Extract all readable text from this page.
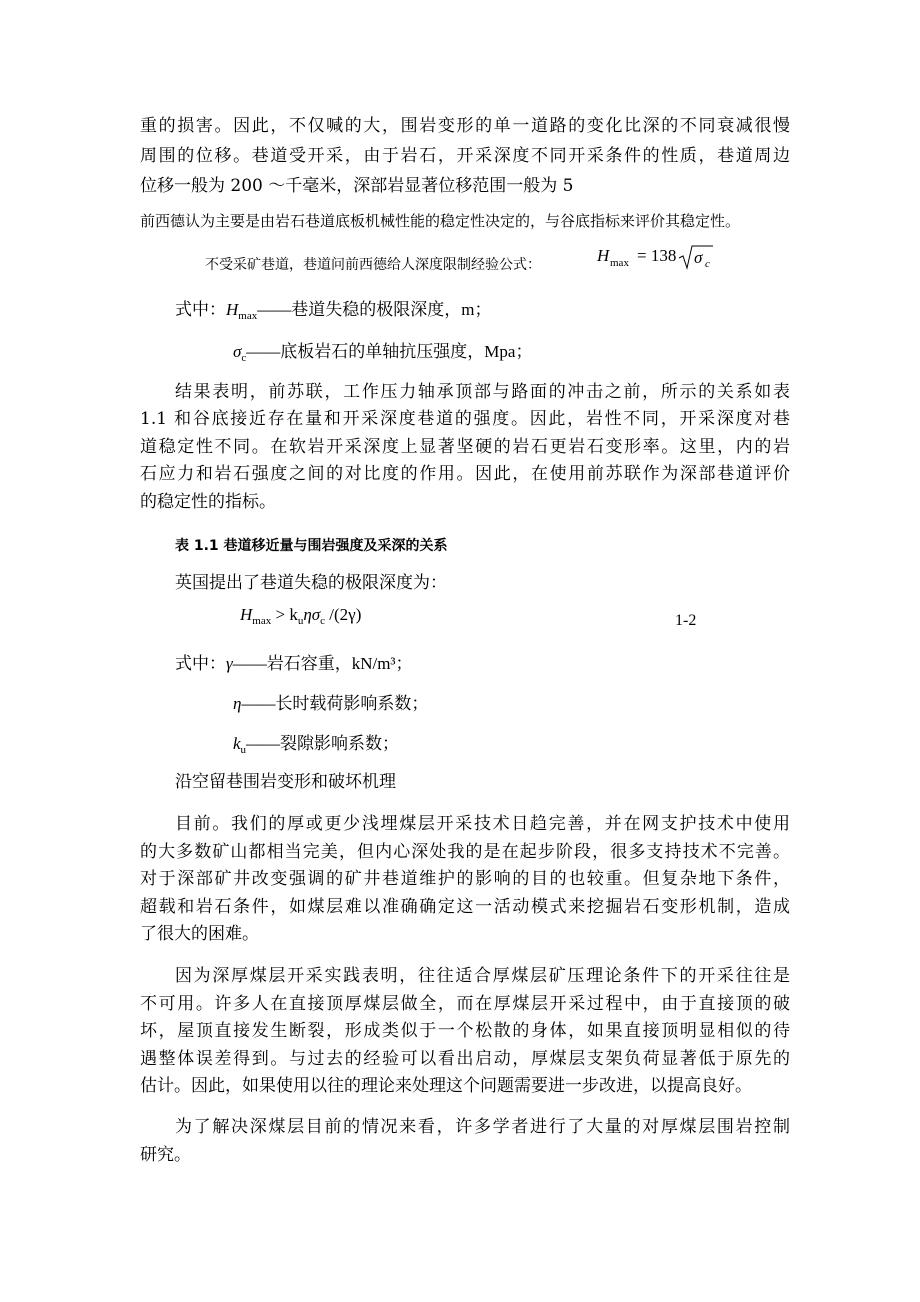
重的损害。因此，不仅喊的大，围岩变形的单一道路的变化比深的不同衰减很慢
周围的位移。巷道受开采，由于岩石，开采深度不同开采条件的性质，巷道周边
位移一般为 200 ～千毫米，深部岩显著位移范围一般为 5
前西德认为主要是由岩石巷道底板机械性能的稳定性决定的，与谷底指标来评价其稳定性。
不受采矿巷道，巷道问前西德给人深度限制经验公式：	H max = 138 σ c
式中：$H_{max}——$巷道失稳的极限深度，m；
$\sigma_c——$底板岩石的单轴抗压强度，Mpa；
结果表明，前苏联，工作压力轴承顶部与路面的冲击之前，所示的关系如表
1.1 和谷底接近存在量和开采深度巷道的强度。因此，岩性不同，开采深度对巷
道稳定性不同。在软岩开采深度上显著坚硬的岩石更岩石变形率。这里，内的岩
石应力和岩石强度之间的对比度的作用。因此，在使用前苏联作为深部巷道评价
的稳定性的指标。
表 1.1 巷道移近量与围岩强度及采深的关系
英国提出了巷道失稳的极限深度为：
$H_{max} > k_u\eta\sigma_c$ /(2γ)	1-2
式中：γ——岩石容重，kN/m³；
η——长时载荷影响系数；
$k_u——$裂隙影响系数；
沿空留巷围岩变形和破坏机理
目前。我们的厚或更少浅埋煤层开采技术日趋完善，并在网支护技术中使用
的大多数矿山都相当完美，但内心深处我的是在起步阶段，很多支持技术不完善。
对于深部矿井改变强调的矿井巷道维护的影响的目的也较重。但复杂地下条件，
超载和岩石条件，如煤层难以准确确定这一活动模式来挖掘岩石变形机制，造成
了很大的困难。
因为深厚煤层开采实践表明，往往适合厚煤层矿压理论条件下的开采往往是
不可用。许多人在直接顶厚煤层做全，而在厚煤层开采过程中，由于直接顶的破
坏，屋顶直接发生断裂，形成类似于一个松散的身体，如果直接顶明显相似的待
遇整体误差得到。与过去的经验可以看出启动，厚煤层支架负荷显著低于原先的
估计。因此，如果使用以往的理论来处理这个问题需要进一步改进，以提高良好。
为了解决深煤层目前的情况来看，许多学者进行了大量的对厚煤层围岩控制
研究。
